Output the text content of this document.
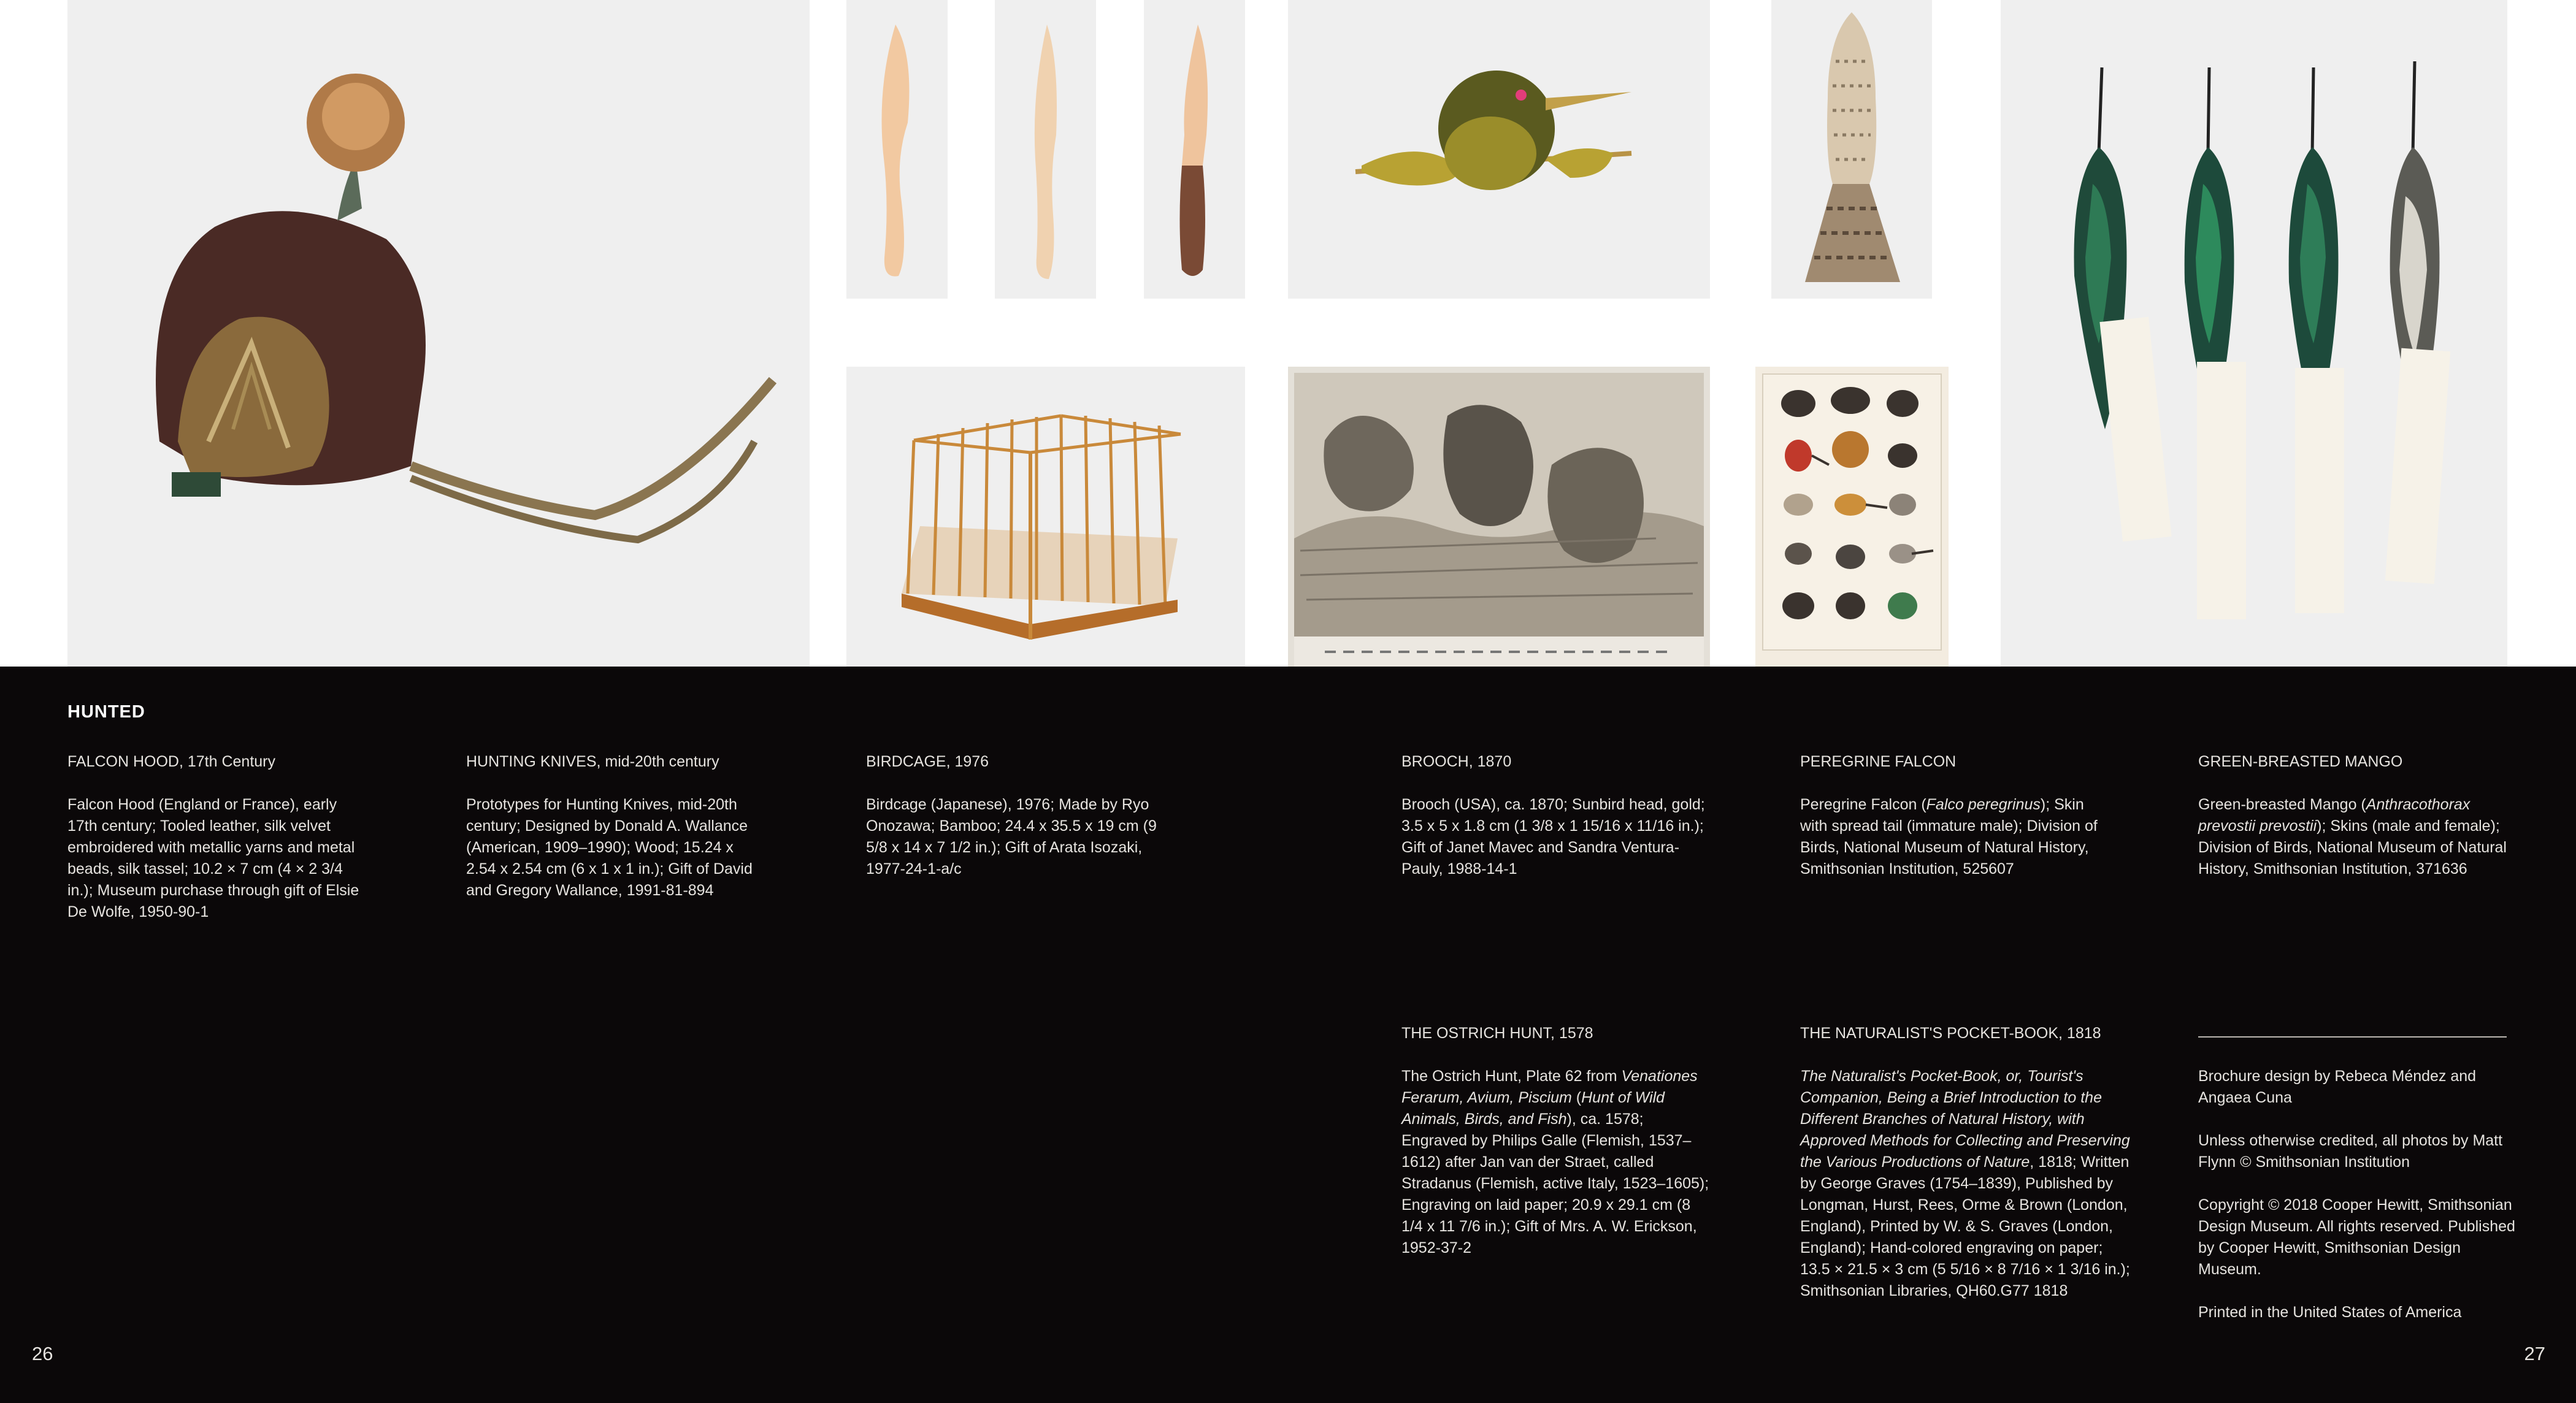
HUNTED

FALCON HOOD, 17th Century

Falcon Hood (England or France), early 17th century; Tooled leather, silk velvet embroidered with metallic yarns and metal beads, silk tassel; 10.2 × 7 cm (4 × 2 3/4 in.); Museum purchase through gift of Elsie De Wolfe, 1950-90-1

HUNTING KNIVES, mid-20th century

Prototypes for Hunting Knives, mid-20th century; Designed by Donald A. Wallance (American, 1909–1990); Wood; 15.24 x 2.54 x 2.54 cm (6 x 1 x 1 in.); Gift of David and Gregory Wallance, 1991-81-894

BIRDCAGE, 1976

Birdcage (Japanese), 1976; Made by Ryo Onozawa; Bamboo; 24.4 x 35.5 x 19 cm (9 5/8 x 14 x 7 1/2 in.); Gift of Arata Isozaki, 1977-24-1-a/c

BROOCH, 1870

Brooch (USA), ca. 1870; Sunbird head, gold; 3.5 x 5 x 1.8 cm (1 3/8 x 1 15/16 x 11/16 in.); Gift of Janet Mavec and Sandra Ventura-Pauly, 1988-14-1

PEREGRINE FALCON

Peregrine Falcon (Falco peregrinus); Skin with spread tail (immature male); Division of Birds, National Museum of Natural History, Smithsonian Institution, 525607

GREEN-BREASTED MANGO

Green-breasted Mango (Anthracothorax prevostii prevostii); Skins (male and female); Division of Birds, National Museum of Natural History, Smithsonian Institution, 371636

THE OSTRICH HUNT, 1578

The Ostrich Hunt, Plate 62 from Venationes Ferarum, Avium, Piscium (Hunt of Wild Animals, Birds, and Fish), ca. 1578; Engraved by Philips Galle (Flemish, 1537–1612) after Jan van der Straet, called Stradanus (Flemish, active Italy, 1523–1605); Engraving on laid paper; 20.9 x 29.1 cm (8 1/4 x 11 7/6 in.); Gift of Mrs. A. W. Erickson, 1952-37-2

THE NATURALIST'S POCKET-BOOK, 1818

The Naturalist's Pocket-Book, or, Tourist's Companion, Being a Brief Introduction to the Different Branches of Natural History, with Approved Methods for Collecting and Preserving the Various Productions of Nature, 1818; Written by George Graves (1754–1839), Published by Longman, Hurst, Rees, Orme & Brown (London, England), Printed by W. & S. Graves (London, England); Hand-colored engraving on paper; 13.5 × 21.5 × 3 cm (5 5/16 × 8 7/16 × 1 3/16 in.); Smithsonian Libraries, QH60.G77 1818

Brochure design by Rebeca Méndez and Angaea Cuna

Unless otherwise credited, all photos by Matt Flynn © Smithsonian Institution

Copyright © 2018 Cooper Hewitt, Smithsonian Design Museum. All rights reserved. Published by Cooper Hewitt, Smithsonian Design Museum.

Printed in the United States of America

26	27
